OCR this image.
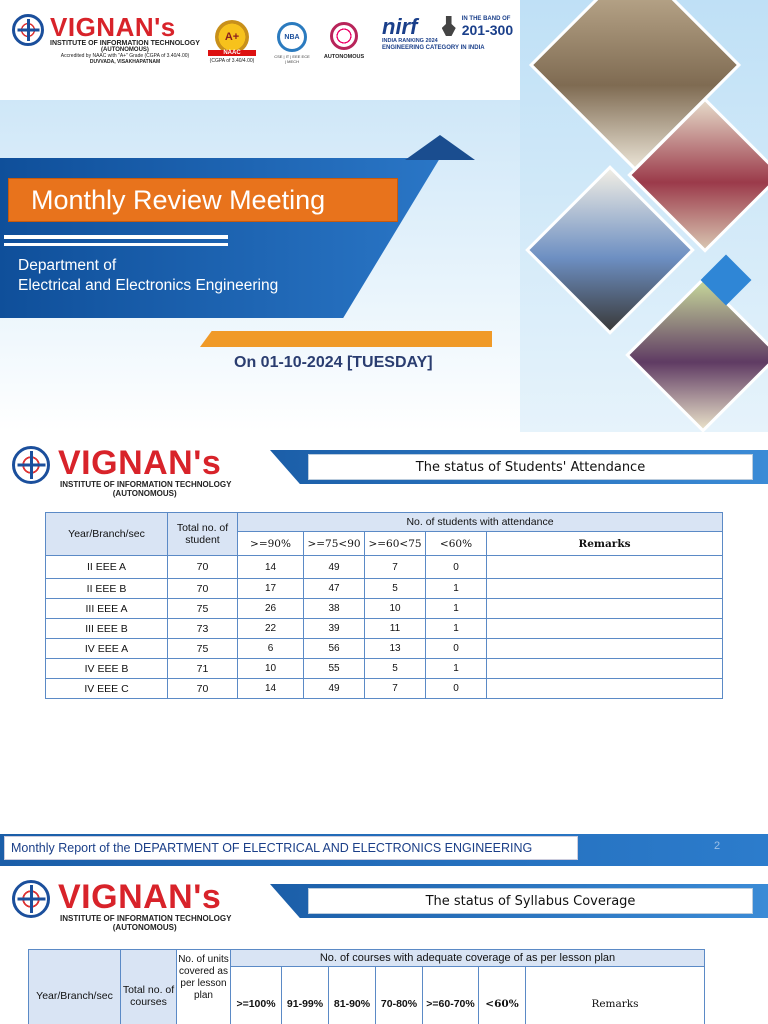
VIGNAN's
INSTITUTE OF INFORMATION TECHNOLOGY
(AUTONOMOUS)
Accredited by NAAC with "A+" Grade (CGPA of 3.40/4.00)
DUVVADA, VISAKHAPATNAM
A+
NAAC
(CGPA of 3.40/4.00)
NBA
CSE | IT | EEE ECE | MECH
AUTONOMOUS
nirf
INDIA RANKING 2024
IN THE BAND OF
201-300
ENGINEERING CATEGORY IN INDIA
Monthly Review Meeting
Department of
Electrical and Electronics Engineering
On 01-10-2024 [TUESDAY]
VIGNAN's
INSTITUTE OF INFORMATION TECHNOLOGY
(AUTONOMOUS)
The status of Students' Attendance
Year/Branch/sec	Total no. of student	No. of students with attendance				
		>=90%	>=75<90	>=60<75	<60%	Remarks
II EEE A	70	14	49	7	0	
II EEE B	70	17	47	5	1	
III EEE A	75	26	38	10	1	
III EEE B	73	22	39	11	1	
IV EEE A	75	6	56	13	0	
IV EEE B	71	10	55	5	1	
IV EEE C	70	14	49	7	0	
Monthly Report of the DEPARTMENT OF ELECTRICAL AND ELECTRONICS ENGINEERING	2
VIGNAN's
INSTITUTE OF INFORMATION TECHNOLOGY
(AUTONOMOUS)
The status of Syllabus Coverage
Year/Branch/sec	Total no. of courses	No. of units covered as per lesson plan	No. of courses with adequate coverage of as per lesson plan						
			>=100%	91-99%	81-90%	70-80%	>=60-70%	<60%	Remarks
